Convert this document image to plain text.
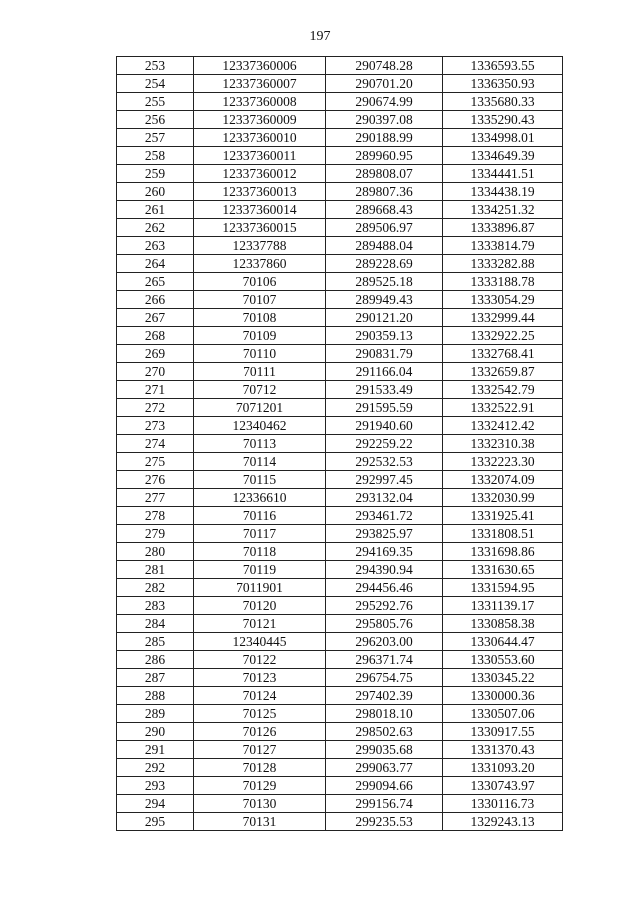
197
253	12337360006	290748.28	1336593.55
254	12337360007	290701.20	1336350.93
255	12337360008	290674.99	1335680.33
256	12337360009	290397.08	1335290.43
257	12337360010	290188.99	1334998.01
258	12337360011	289960.95	1334649.39
259	12337360012	289808.07	1334441.51
260	12337360013	289807.36	1334438.19
261	12337360014	289668.43	1334251.32
262	12337360015	289506.97	1333896.87
263	12337788	289488.04	1333814.79
264	12337860	289228.69	1333282.88
265	70106	289525.18	1333188.78
266	70107	289949.43	1333054.29
267	70108	290121.20	1332999.44
268	70109	290359.13	1332922.25
269	70110	290831.79	1332768.41
270	70111	291166.04	1332659.87
271	70712	291533.49	1332542.79
272	7071201	291595.59	1332522.91
273	12340462	291940.60	1332412.42
274	70113	292259.22	1332310.38
275	70114	292532.53	1332223.30
276	70115	292997.45	1332074.09
277	12336610	293132.04	1332030.99
278	70116	293461.72	1331925.41
279	70117	293825.97	1331808.51
280	70118	294169.35	1331698.86
281	70119	294390.94	1331630.65
282	7011901	294456.46	1331594.95
283	70120	295292.76	1331139.17
284	70121	295805.76	1330858.38
285	12340445	296203.00	1330644.47
286	70122	296371.74	1330553.60
287	70123	296754.75	1330345.22
288	70124	297402.39	1330000.36
289	70125	298018.10	1330507.06
290	70126	298502.63	1330917.55
291	70127	299035.68	1331370.43
292	70128	299063.77	1331093.20
293	70129	299094.66	1330743.97
294	70130	299156.74	1330116.73
295	70131	299235.53	1329243.13
